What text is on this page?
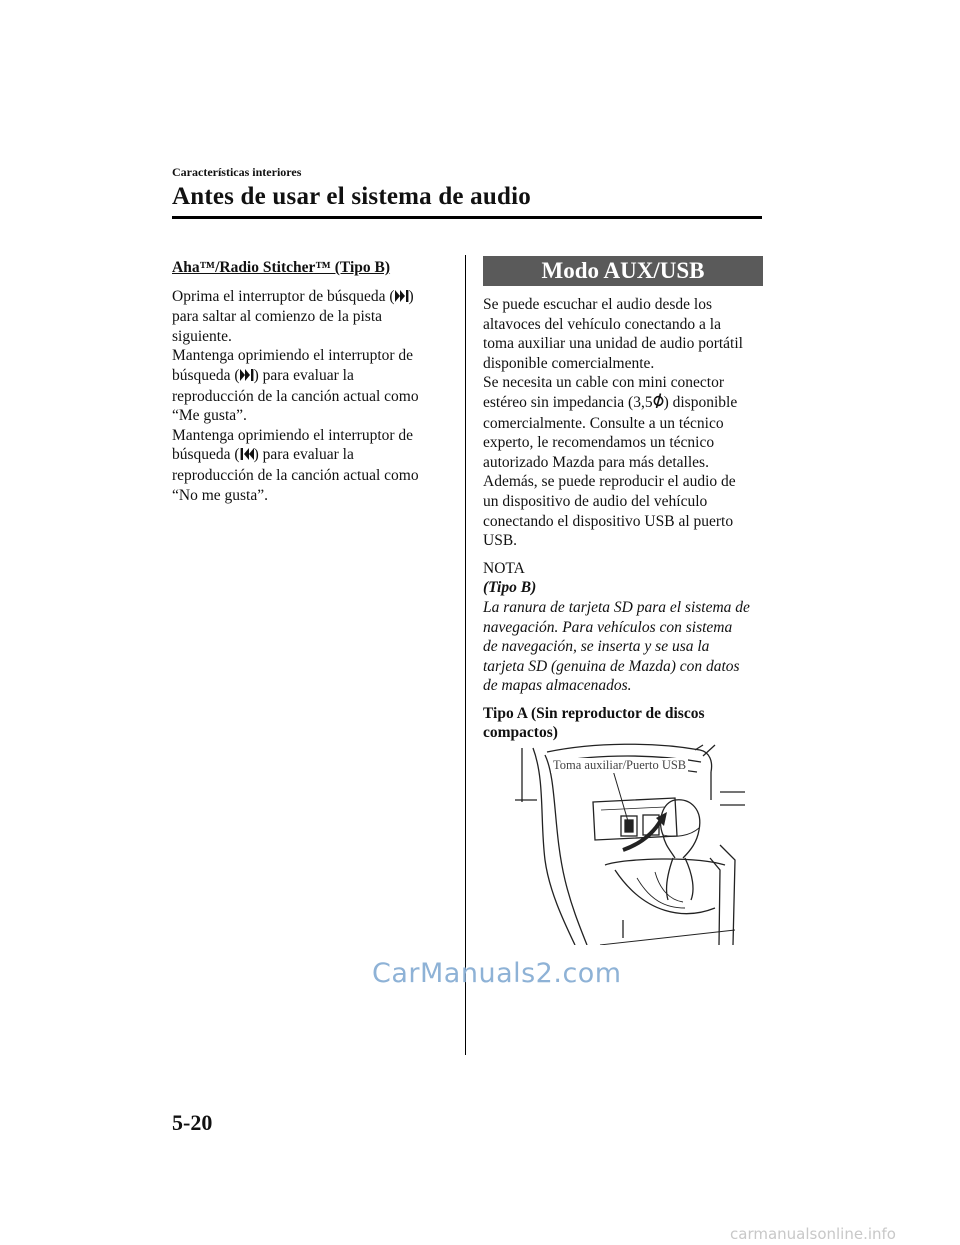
Características interiores
Antes de usar el sistema de audio
Aha™/Radio Stitcher™ (Tipo B)

Oprima el interruptor de búsqueda ( )
para saltar al comienzo de la pista
siguiente.
Mantenga oprimiendo el interruptor de
búsqueda ( ) para evaluar la
reproducción de la canción actual como
“Me gusta”.
Mantenga oprimiendo el interruptor de
búsqueda ( ) para evaluar la
reproducción de la canción actual como
“No me gusta”.

Modo AUX/USB

Se puede escuchar el audio desde los
altavoces del vehículo conectando a la
toma auxiliar una unidad de audio portátil
disponible comercialmente.
Se necesita un cable con mini conector
estéreo sin impedancia (3,5 ) disponible
comercialmente. Consulte a un técnico
experto, le recomendamos un técnico
autorizado Mazda para más detalles.
Además, se puede reproducir el audio de
un dispositivo de audio del vehículo
conectando el dispositivo USB al puerto
USB.

NOTA
(Tipo B)
La ranura de tarjeta SD para el sistema de
navegación. Para vehículos con sistema
de navegación, se inserta y se usa la
tarjeta SD (genuina de Mazda) con datos
de mapas almacenados.

Tipo A (Sin reproductor de discos
compactos)

Toma auxiliar/Puerto USB
CarManuals2.com
5-20
carmanualsonline.info
